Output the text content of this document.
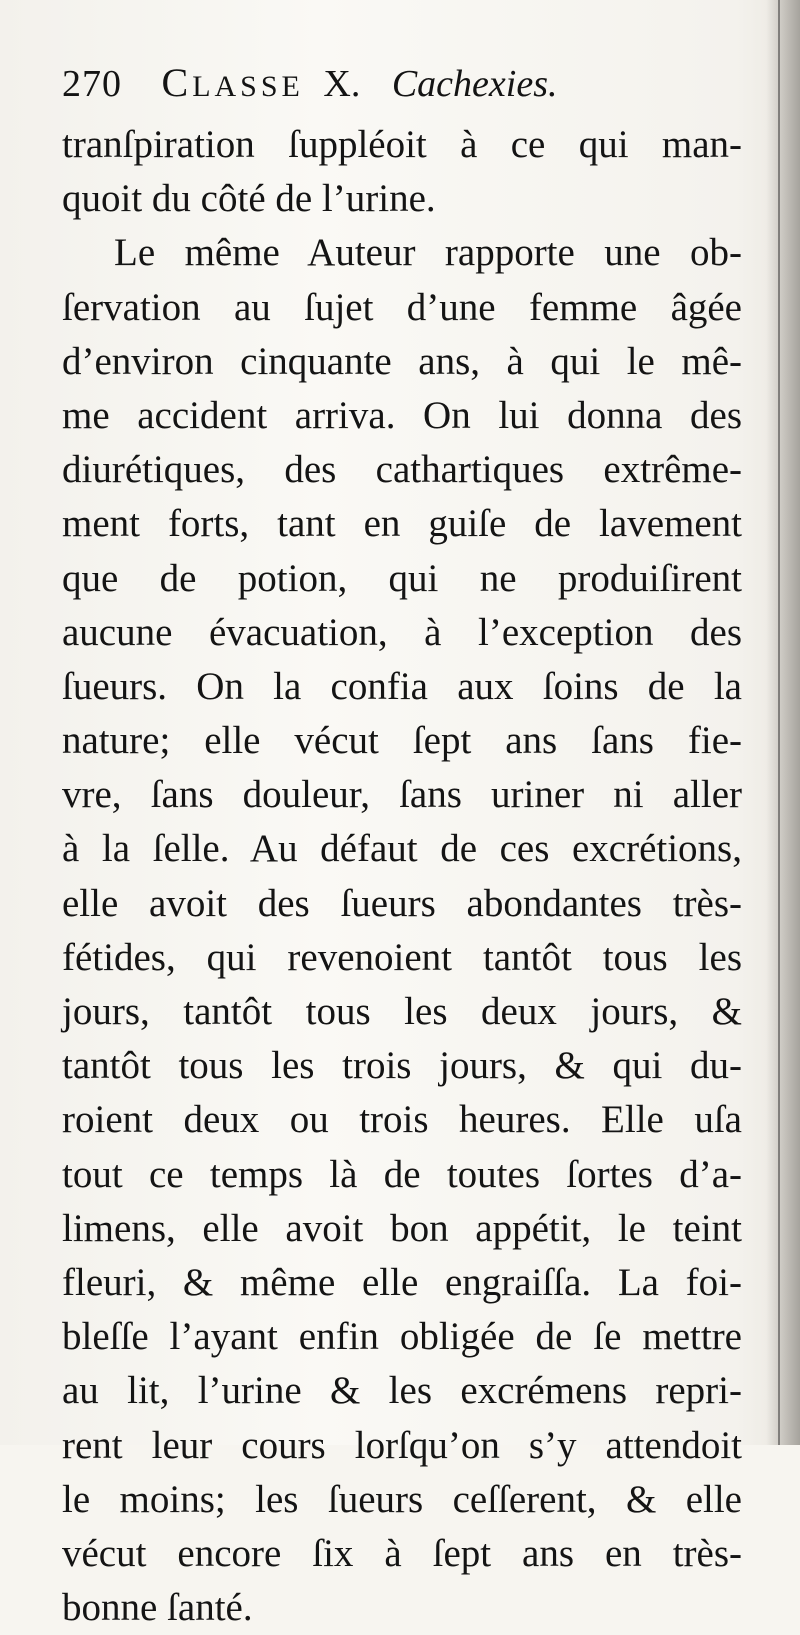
270 CLASSE X. Cachexies.
tranſpiration ſuppléoit à ce qui man-
quoit du côté de l’urine.
Le même Auteur rapporte une ob-
ſervation au ſujet d’une femme âgée
d’environ cinquante ans, à qui le mê-
me accident arriva. On lui donna des
diurétiques, des cathartiques extrême-
ment forts, tant en guiſe de lavement
que de potion, qui ne produiſirent
aucune évacuation, à l’exception des
ſueurs. On la confia aux ſoins de la
nature; elle vécut ſept ans ſans fie-
vre, ſans douleur, ſans uriner ni aller
à la ſelle. Au défaut de ces excrétions,
elle avoit des ſueurs abondantes très-
fétides, qui revenoient tantôt tous les
jours, tantôt tous les deux jours, &
tantôt tous les trois jours, & qui du-
roient deux ou trois heures. Elle uſa
tout ce temps là de toutes ſortes d’a-
limens, elle avoit bon appétit, le teint
fleuri, & même elle engraiſſa. La foi-
bleſſe l’ayant enfin obligée de ſe mettre
au lit, l’urine & les excrémens repri-
rent leur cours lorſqu’on s’y attendoit
le moins; les ſueurs ceſſerent, & elle
vécut encore ſix à ſept ans en très-
bonne ſanté.
